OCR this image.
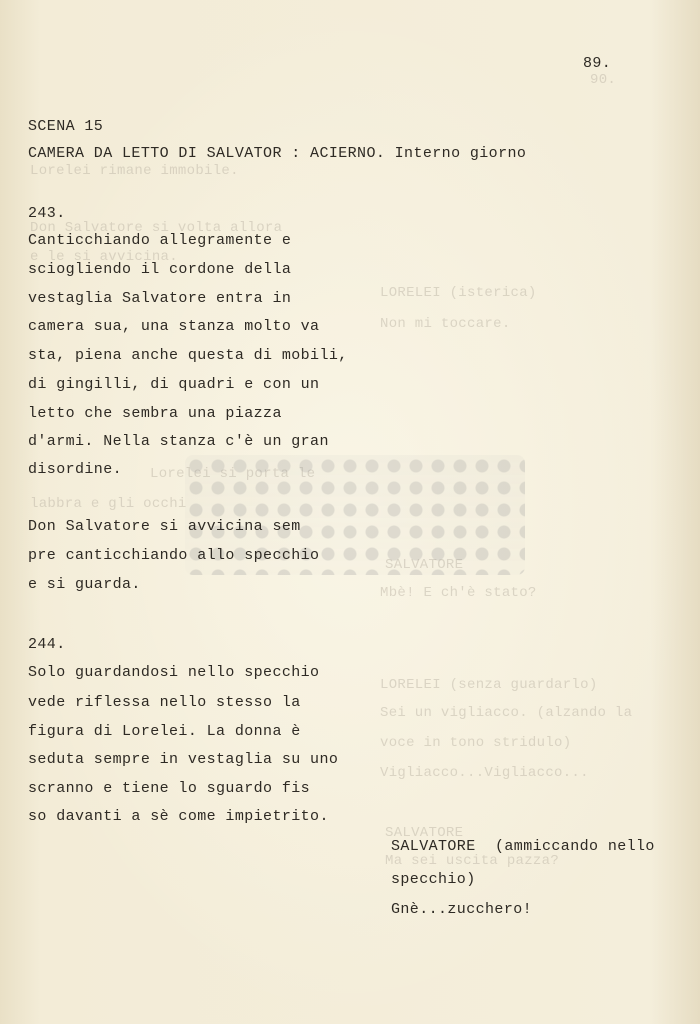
90.
Lorelei rimane immobile.
Don Salvatore si volta allora
e le si avvicina.
LORELEI (isterica)
Non mi toccare.
Lorelei si porta le
labbra e gli occhi
SALVATORE
Mbè! E ch'è stato?
LORELEI (senza guardarlo)
Sei un vigliacco. (alzando la
voce in tono stridulo)
Vigliacco...Vigliacco...
SALVATORE
Ma sei uscita pazza?
89.
SCENA 15
CAMERA DA LETTO DI SALVATOR : ACIERNO. Interno giorno
243.
Canticchiando allegramente e
sciogliendo il cordone della
vestaglia Salvatore entra in
camera sua, una stanza molto va
sta, piena anche questa di mobili,
di gingilli, di quadri e con un
letto che sembra una piazza
d'armi. Nella stanza c'è un gran
disordine.
Don Salvatore si avvicina sem
pre canticchiando allo specchio
e si guarda.
244.
Solo guardandosi nello specchio
vede riflessa nello stesso la
figura di Lorelei. La donna è
seduta sempre in vestaglia su uno
scranno e tiene lo sguardo fis
so davanti a sè come impietrito.
SALVATORE (ammiccando nello
specchio)
Gnè...zucchero!
